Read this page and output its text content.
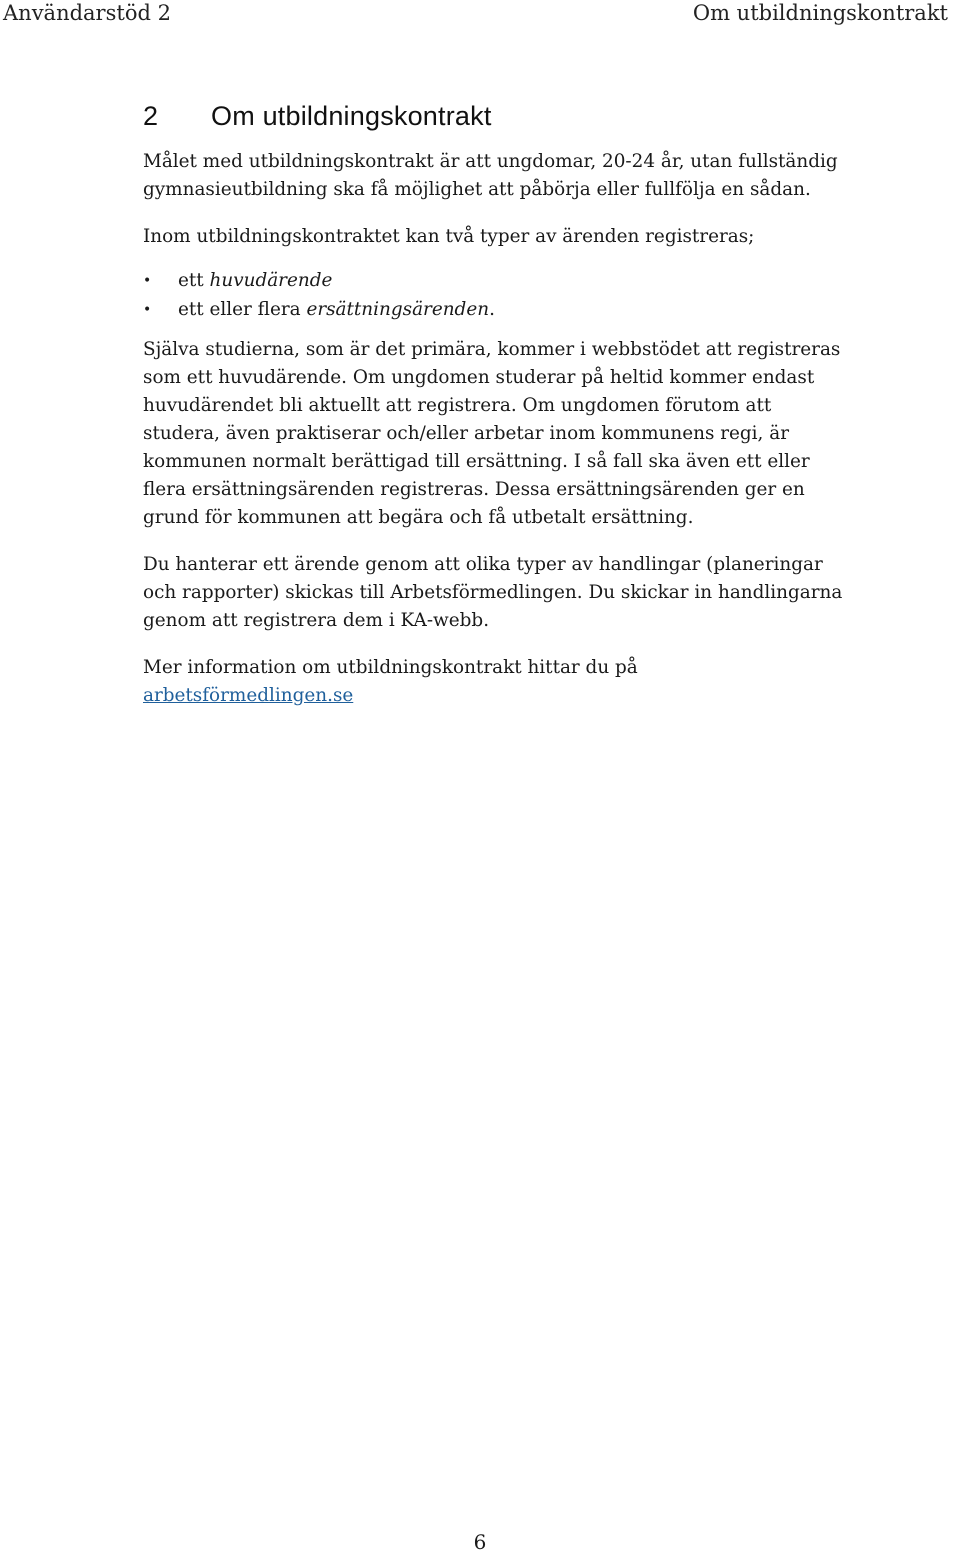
Användarstöd 2	Om utbildningskontrakt
2 Om utbildningskontrakt

Målet med utbildningskontrakt är att ungdomar, 20-24 år, utan fullständig gymnasieutbildning ska få möjlighet att påbörja eller fullfölja en sådan.

Inom utbildningskontraktet kan två typer av ärenden registreras;

• ett huvudärende
• ett eller flera ersättningsärenden.

Själva studierna, som är det primära, kommer i webbstödet att registreras som ett huvudärende. Om ungdomen studerar på heltid kommer endast huvudärendet bli aktuellt att registrera. Om ungdomen förutom att studera, även praktiserar och/eller arbetar inom kommunens regi, är kommunen normalt berättigad till ersättning. I så fall ska även ett eller flera ersättningsärenden registreras. Dessa ersättningsärenden ger en grund för kommunen att begära och få utbetalt ersättning.

Du hanterar ett ärende genom att olika typer av handlingar (planeringar och rapporter) skickas till Arbetsförmedlingen. Du skickar in handlingarna genom att registrera dem i KA-webb.

Mer information om utbildningskontrakt hittar du på
arbetsförmedlingen.se

6
